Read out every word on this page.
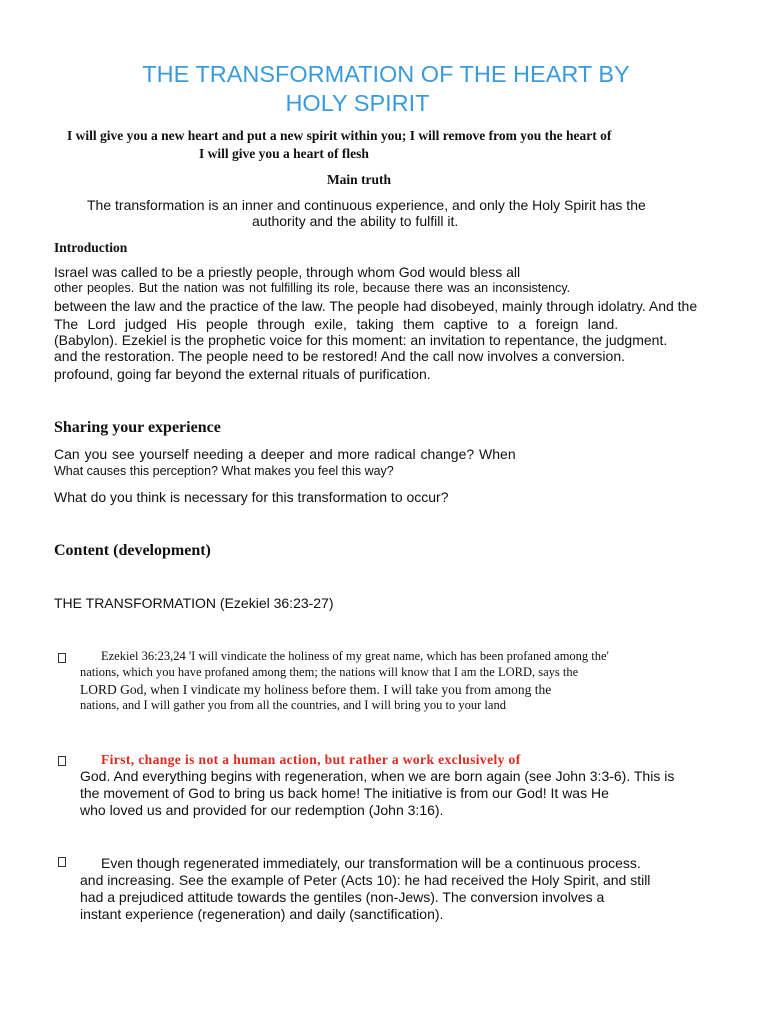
THE TRANSFORMATION OF THE HEART BY
HOLY SPIRIT
I will give you a new heart and put a new spirit within you; I will remove from you the heart of
I will give you a heart of flesh
Main truth
The transformation is an inner and continuous experience, and only the Holy Spirit has the
authority and the ability to fulfill it.
Introduction
Israel was called to be a priestly people, through whom God would bless all
other peoples. But the nation was not fulfilling its role, because there was an inconsistency.
between the law and the practice of the law. The people had disobeyed, mainly through idolatry. And the
The Lord judged His people through exile, taking them captive to a foreign land.
(Babylon). Ezekiel is the prophetic voice for this moment: an invitation to repentance, the judgment.
and the restoration. The people need to be restored! And the call now involves a conversion.
profound, going far beyond the external rituals of purification.
Sharing your experience
Can you see yourself needing a deeper and more radical change? When
What causes this perception? What makes you feel this way?
What do you think is necessary for this transformation to occur?
Content (development)
THE TRANSFORMATION (Ezekiel 36:23-27)
Ezekiel 36:23,24 'I will vindicate the holiness of my great name, which has been profaned among the'
nations, which you have profaned among them; the nations will know that I am the LORD, says the
LORD God, when I vindicate my holiness before them. I will take you from among the
nations, and I will gather you from all the countries, and I will bring you to your land
First, change is not a human action, but rather a work exclusively of
God. And everything begins with regeneration, when we are born again (see John 3:3-6). This is
the movement of God to bring us back home! The initiative is from our God! It was He
who loved us and provided for our redemption (John 3:16).
Even though regenerated immediately, our transformation will be a continuous process.
and increasing. See the example of Peter (Acts 10): he had received the Holy Spirit, and still
had a prejudiced attitude towards the gentiles (non-Jews). The conversion involves a
instant experience (regeneration) and daily (sanctification).
